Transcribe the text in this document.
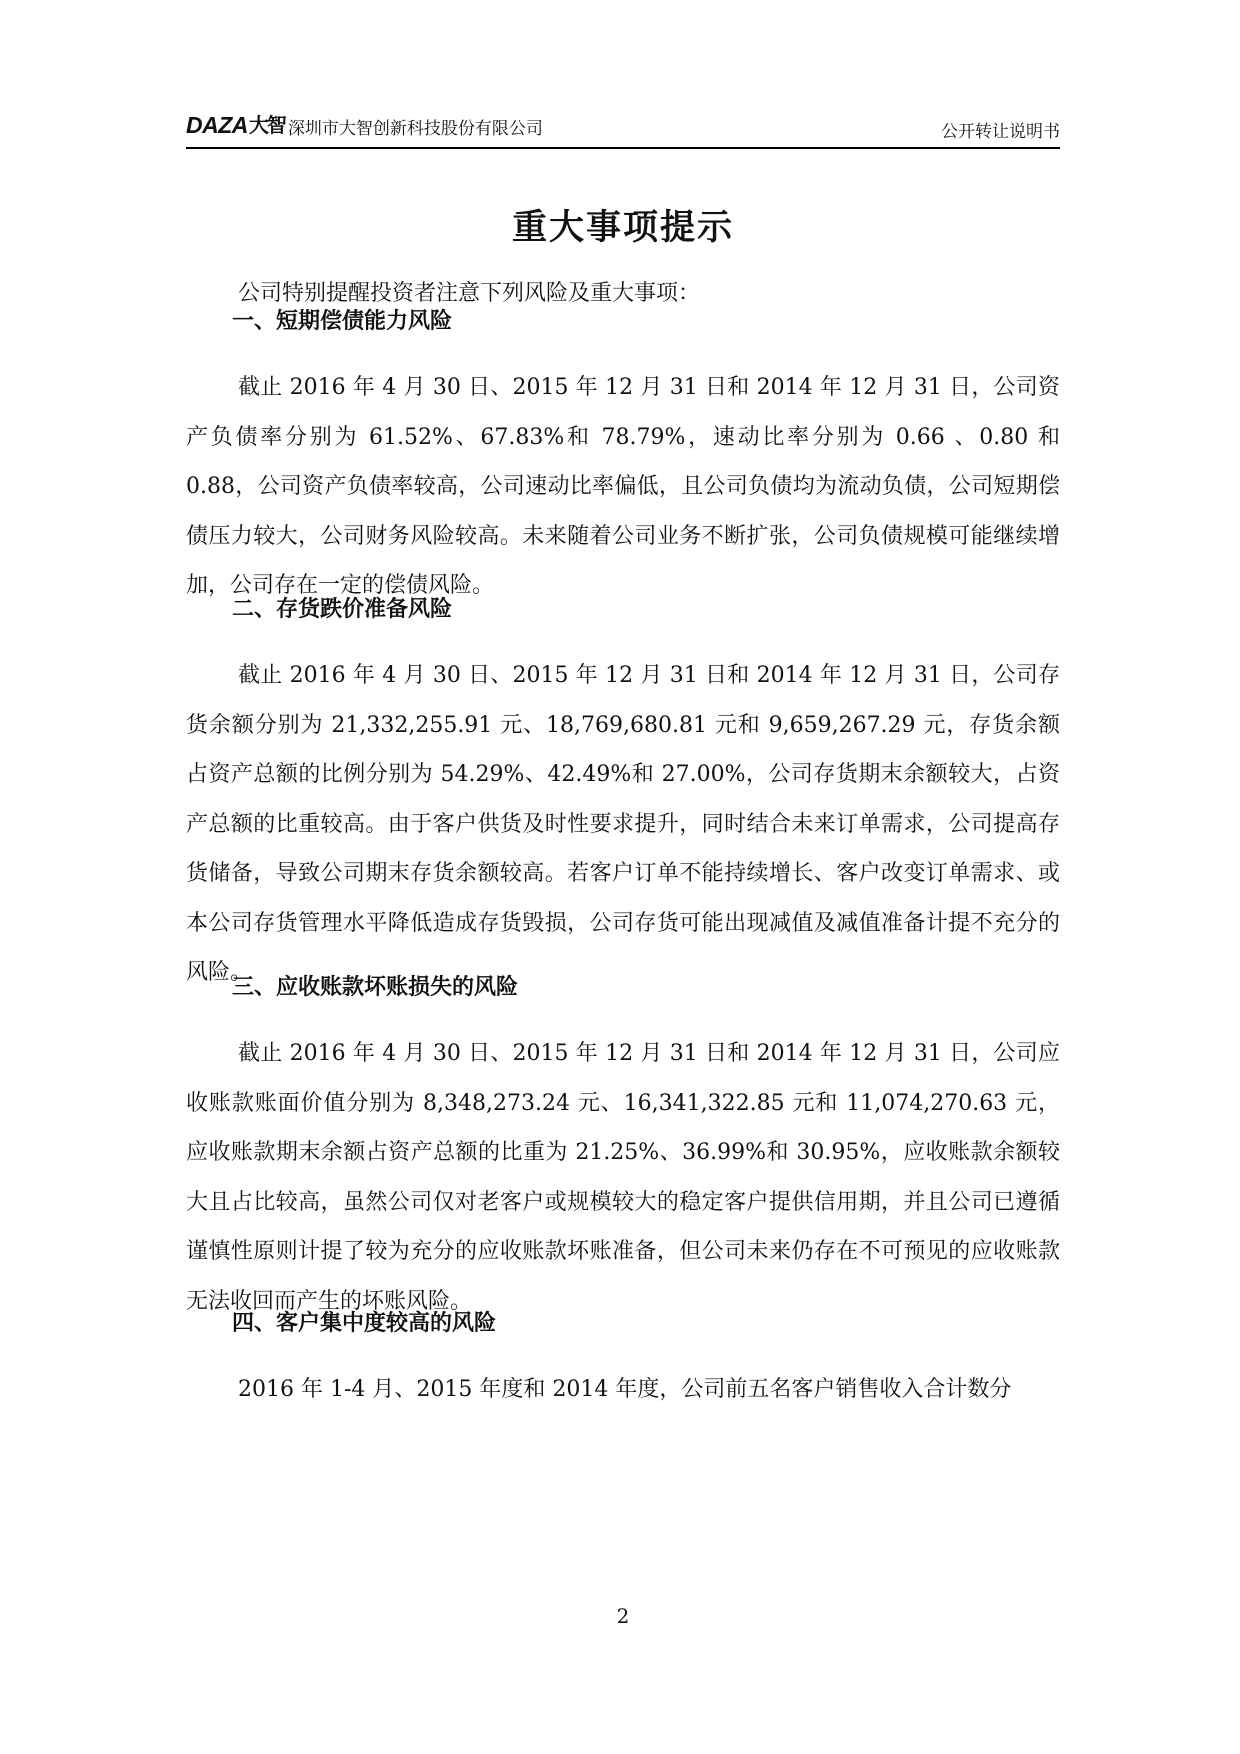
DAZA 大智 深圳市大智创新科技股份有限公司	公开转让说明书
重大事项提示

公司特别提醒投资者注意下列风险及重大事项：

一、短期偿债能力风险

截止 2016 年 4 月 30 日、2015 年 12 月 31 日和 2014 年 12 月 31 日，公司资产负债率分别为 61.52%、67.83%和 78.79%，速动比率分别为 0.66 、0.80 和 0.88，公司资产负债率较高，公司速动比率偏低，且公司负债均为流动负债，公司短期偿债压力较大，公司财务风险较高。未来随着公司业务不断扩张，公司负债规模可能继续增加，公司存在一定的偿债风险。

二、存货跌价准备风险

截止 2016 年 4 月 30 日、2015 年 12 月 31 日和 2014 年 12 月 31 日，公司存货余额分别为 21,332,255.91 元、18,769,680.81 元和 9,659,267.29 元，存货余额占资产总额的比例分别为 54.29%、42.49%和 27.00%，公司存货期末余额较大，占资产总额的比重较高。由于客户供货及时性要求提升，同时结合未来订单需求，公司提高存货储备，导致公司期末存货余额较高。若客户订单不能持续增长、客户改变订单需求、或本公司存货管理水平降低造成存货毁损，公司存货可能出现减值及减值准备计提不充分的风险。

三、应收账款坏账损失的风险

截止 2016 年 4 月 30 日、2015 年 12 月 31 日和 2014 年 12 月 31 日，公司应收账款账面价值分别为 8,348,273.24 元、16,341,322.85 元和 11,074,270.63 元，应收账款期末余额占资产总额的比重为 21.25%、36.99%和 30.95%，应收账款余额较大且占比较高，虽然公司仅对老客户或规模较大的稳定客户提供信用期，并且公司已遵循谨慎性原则计提了较为充分的应收账款坏账准备，但公司未来仍存在不可预见的应收账款无法收回而产生的坏账风险。

四、客户集中度较高的风险

2016 年 1-4 月、2015 年度和 2014 年度，公司前五名客户销售收入合计数分

2
